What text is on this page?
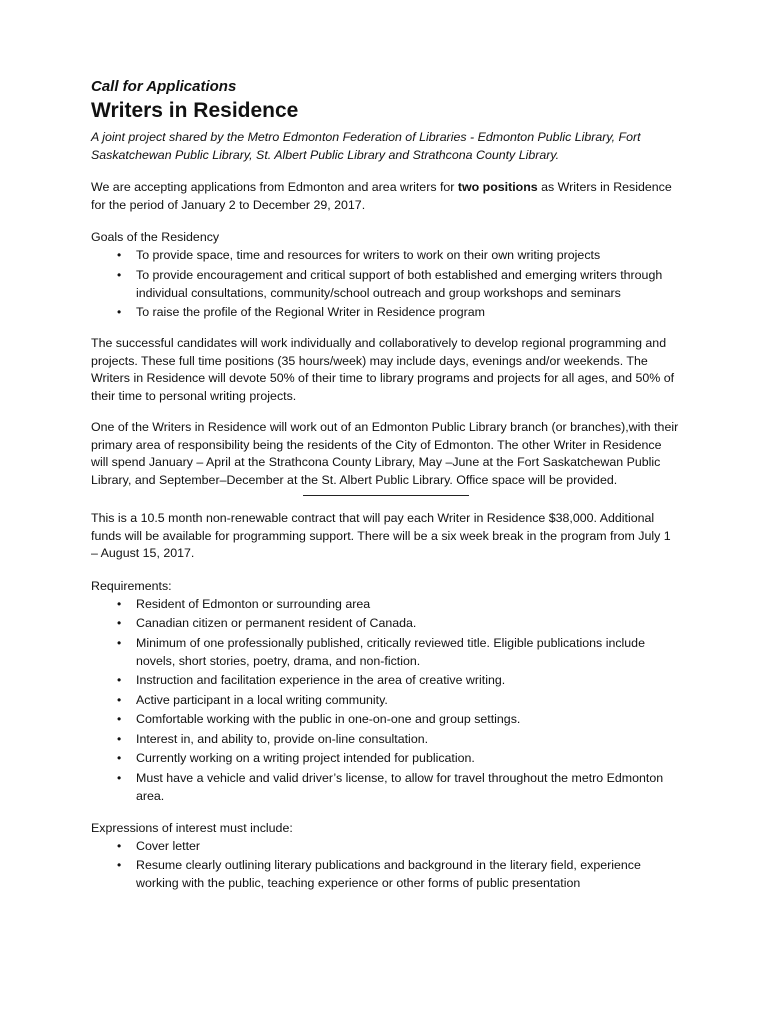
Call for Applications
Writers in Residence

A joint project shared by the Metro Edmonton Federation of Libraries - Edmonton Public Library, Fort Saskatchewan Public Library, St. Albert Public Library and Strathcona County Library.

We are accepting applications from Edmonton and area writers for two positions as Writers in Residence for the period of January 2 to December 29, 2017.

Goals of the Residency

• To provide space, time and resources for writers to work on their own writing projects
• To provide encouragement and critical support of both established and emerging writers through individual consultations, community/school outreach and group workshops and seminars
• To raise the profile of the Regional Writer in Residence program

The successful candidates will work individually and collaboratively to develop regional programming and projects. These full time positions (35 hours/week) may include days, evenings and/or weekends. The Writers in Residence will devote 50% of their time to library programs and projects for all ages, and 50% of their time to personal writing projects.

One of the Writers in Residence will work out of an Edmonton Public Library branch (or branches),with their primary area of responsibility being the residents of the City of Edmonton. The other Writer in Residence will spend January – April at the Strathcona County Library, May –June at the Fort Saskatchewan Public Library, and September–December at the St. Albert Public Library. Office space will be provided.

This is a 10.5 month non-renewable contract that will pay each Writer in Residence $38,000. Additional funds will be available for programming support. There will be a six week break in the program from July 1 – August 15, 2017.

Requirements:

• Resident of Edmonton or surrounding area
• Canadian citizen or permanent resident of Canada.
• Minimum of one professionally published, critically reviewed title. Eligible publications include novels, short stories, poetry, drama, and non-fiction.
• Instruction and facilitation experience in the area of creative writing.
• Active participant in a local writing community.
• Comfortable working with the public in one-on-one and group settings.
• Interest in, and ability to, provide on-line consultation.
• Currently working on a writing project intended for publication.
• Must have a vehicle and valid driver’s license, to allow for travel throughout the metro Edmonton area.

Expressions of interest must include:

• Cover letter
• Resume clearly outlining literary publications and background in the literary field, experience working with the public, teaching experience or other forms of public presentation
